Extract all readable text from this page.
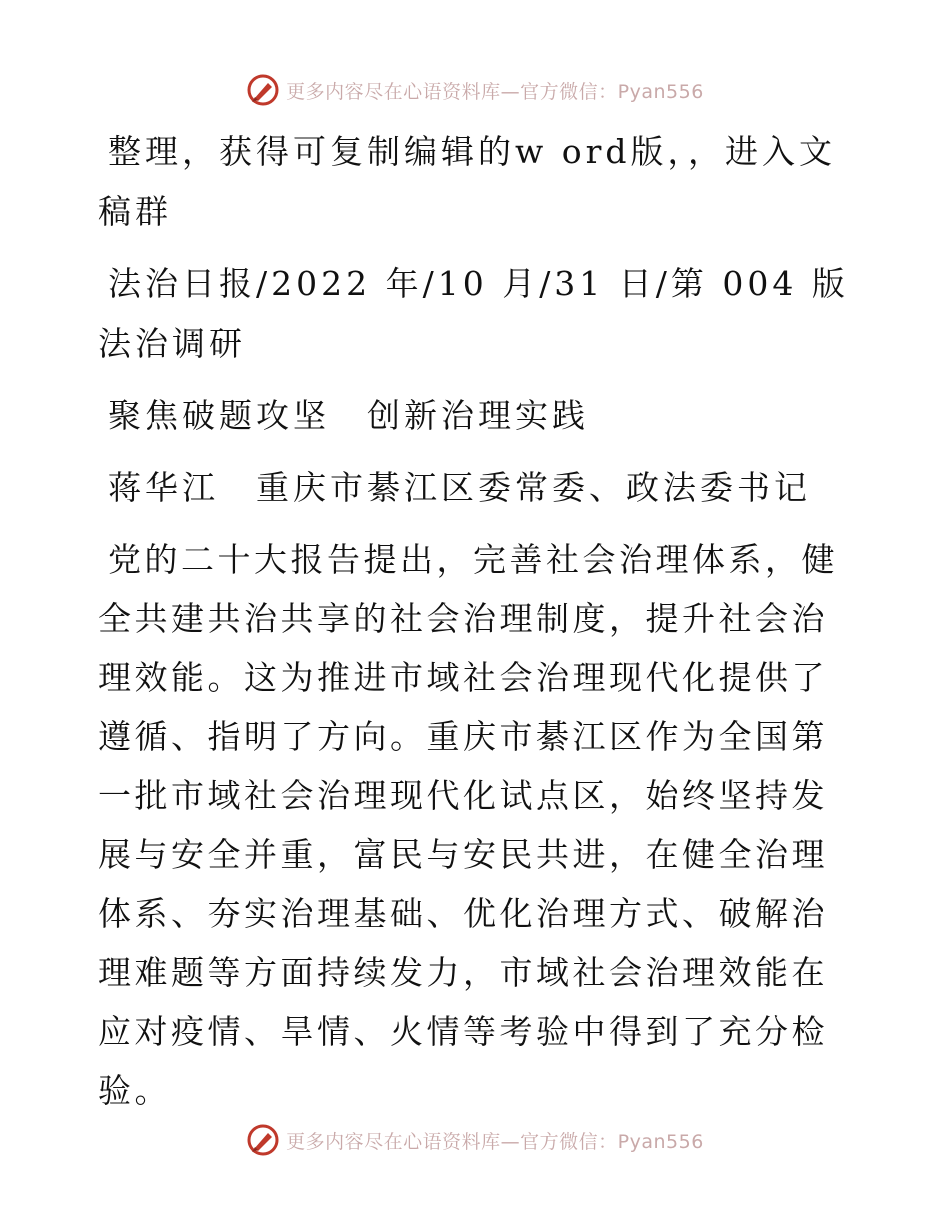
更多内容尽在心语资料库—官方微信：Pyan556

整理，获得可复制编辑的w ord版，，进入文稿群

法治日报/2022 年/10 月/31 日/第 004 版法治调研

聚焦破题攻坚　创新治理实践

蒋华江　重庆市綦江区委常委、政法委书记

党的二十大报告提出，完善社会治理体系，健全共建共治共享的社会治理制度，提升社会治理效能。这为推进市域社会治理现代化提供了遵循、指明了方向。重庆市綦江区作为全国第一批市域社会治理现代化试点区，始终坚持发展与安全并重，富民与安民共进，在健全治理体系、夯实治理基础、优化治理方式、破解治理难题等方面持续发力，市域社会治理效能在应对疫情、旱情、火情等考验中得到了充分检验。

更多内容尽在心语资料库—官方微信：Pyan556
